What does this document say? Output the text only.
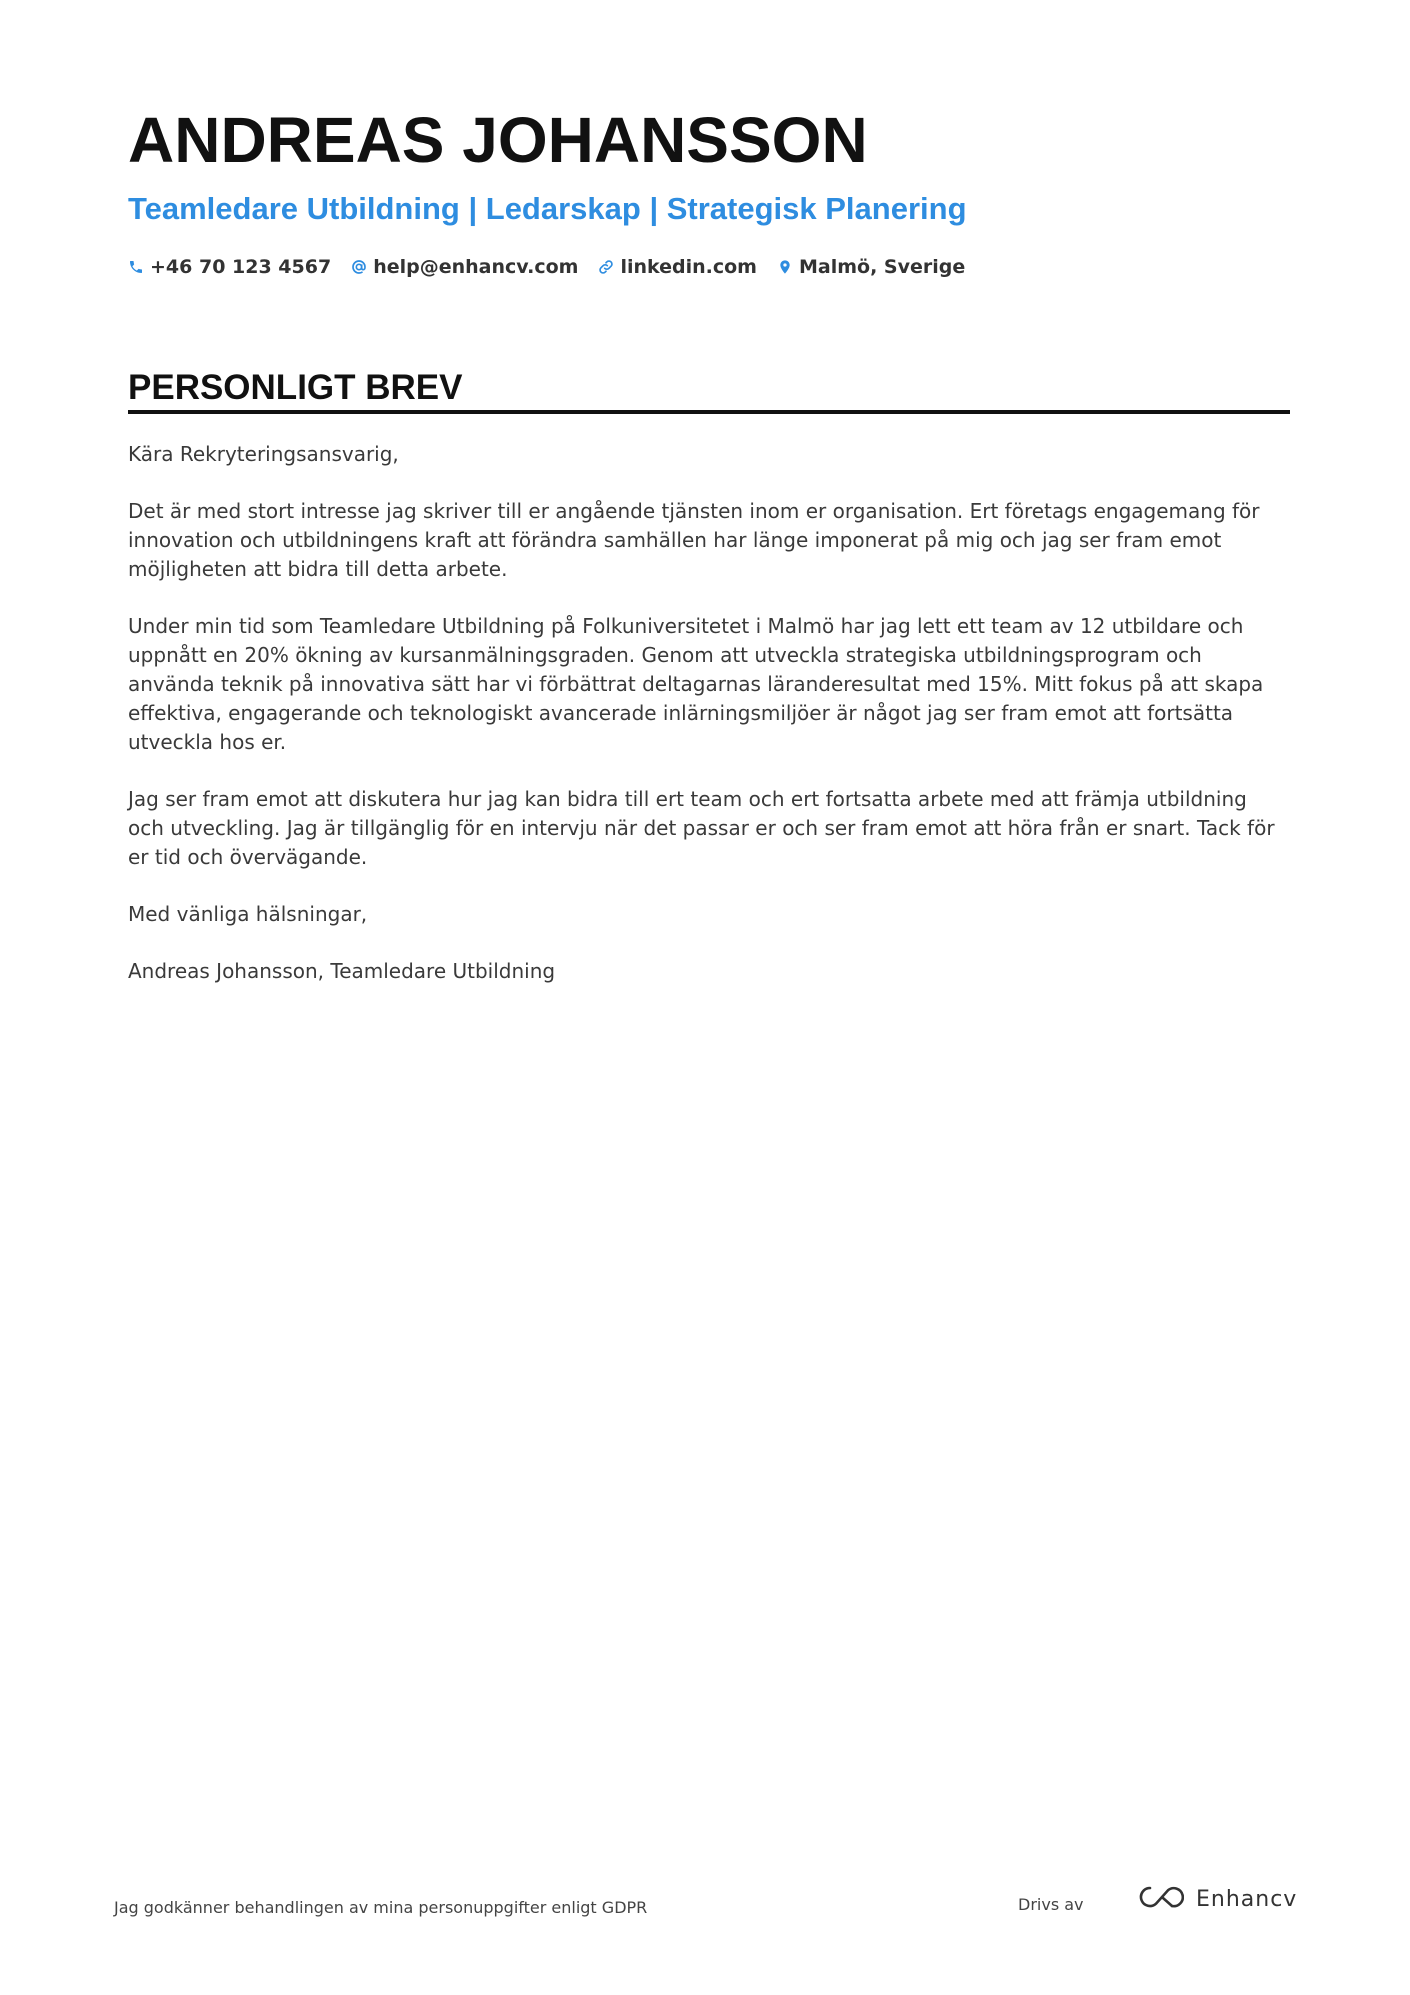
ANDREAS JOHANSSON
Teamledare Utbildning | Ledarskap | Strategisk Planering
+46 70 123 4567 help@enhancv.com linkedin.com Malmö, Sverige
PERSONLIGT BREV

Kära Rekryteringsansvarig,

Det är med stort intresse jag skriver till er angående tjänsten inom er organisation. Ert företags engagemang för innovation och utbildningens kraft att förändra samhällen har länge imponerat på mig och jag ser fram emot möjligheten att bidra till detta arbete.

Under min tid som Teamledare Utbildning på Folkuniversitetet i Malmö har jag lett ett team av 12 utbildare och uppnått en 20% ökning av kursanmälningsgraden. Genom att utveckla strategiska utbildningsprogram och använda teknik på innovativa sätt har vi förbättrat deltagarnas läranderesultat med 15%. Mitt fokus på att skapa effektiva, engagerande och teknologiskt avancerade inlärningsmiljöer är något jag ser fram emot att fortsätta utveckla hos er.

Jag ser fram emot att diskutera hur jag kan bidra till ert team och ert fortsatta arbete med att främja utbildning och utveckling. Jag är tillgänglig för en intervju när det passar er och ser fram emot att höra från er snart. Tack för er tid och övervägande.

Med vänliga hälsningar,

Andreas Johansson, Teamledare Utbildning

Jag godkänner behandlingen av mina personuppgifter enligt GDPR	Drivs av	Enhancv
